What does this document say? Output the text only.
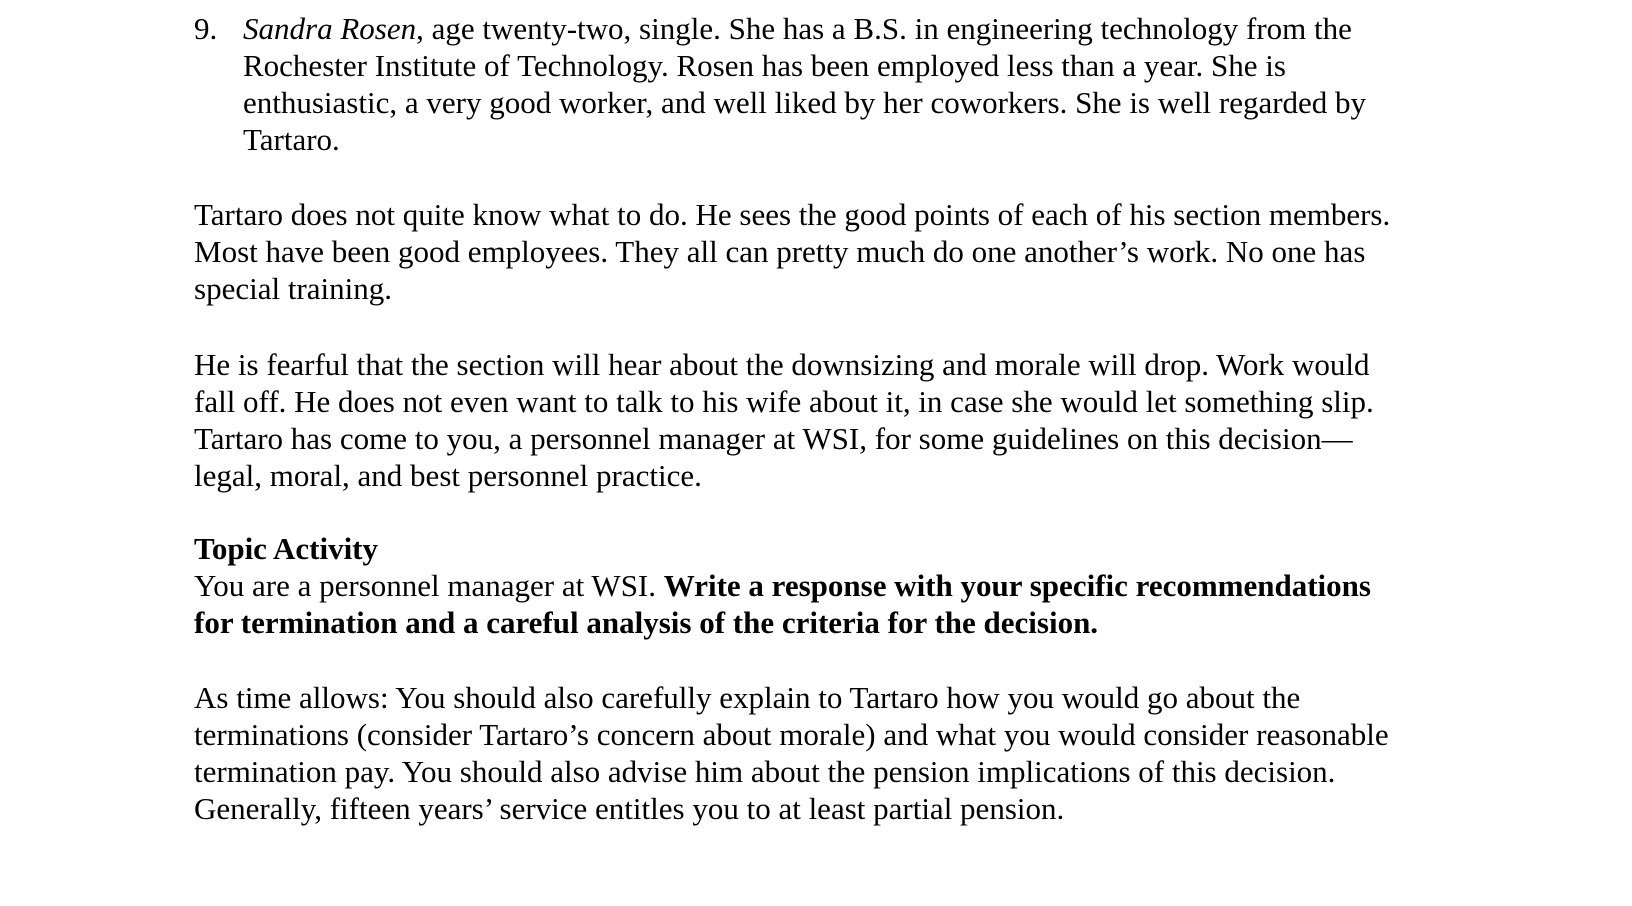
9. Sandra Rosen, age twenty-two, single. She has a B.S. in engineering technology from the
Rochester Institute of Technology. Rosen has been employed less than a year. She is
enthusiastic, a very good worker, and well liked by her coworkers. She is well regarded by
Tartaro.
Tartaro does not quite know what to do. He sees the good points of each of his section members.
Most have been good employees. They all can pretty much do one another’s work. No one has
special training.
He is fearful that the section will hear about the downsizing and morale will drop. Work would
fall off. He does not even want to talk to his wife about it, in case she would let something slip.
Tartaro has come to you, a personnel manager at WSI, for some guidelines on this decision—
legal, moral, and best personnel practice.
Topic Activity
You are a personnel manager at WSI. Write a response with your specific recommendations
for termination and a careful analysis of the criteria for the decision.
As time allows: You should also carefully explain to Tartaro how you would go about the
terminations (consider Tartaro’s concern about morale) and what you would consider reasonable
termination pay. You should also advise him about the pension implications of this decision.
Generally, fifteen years’ service entitles you to at least partial pension.
